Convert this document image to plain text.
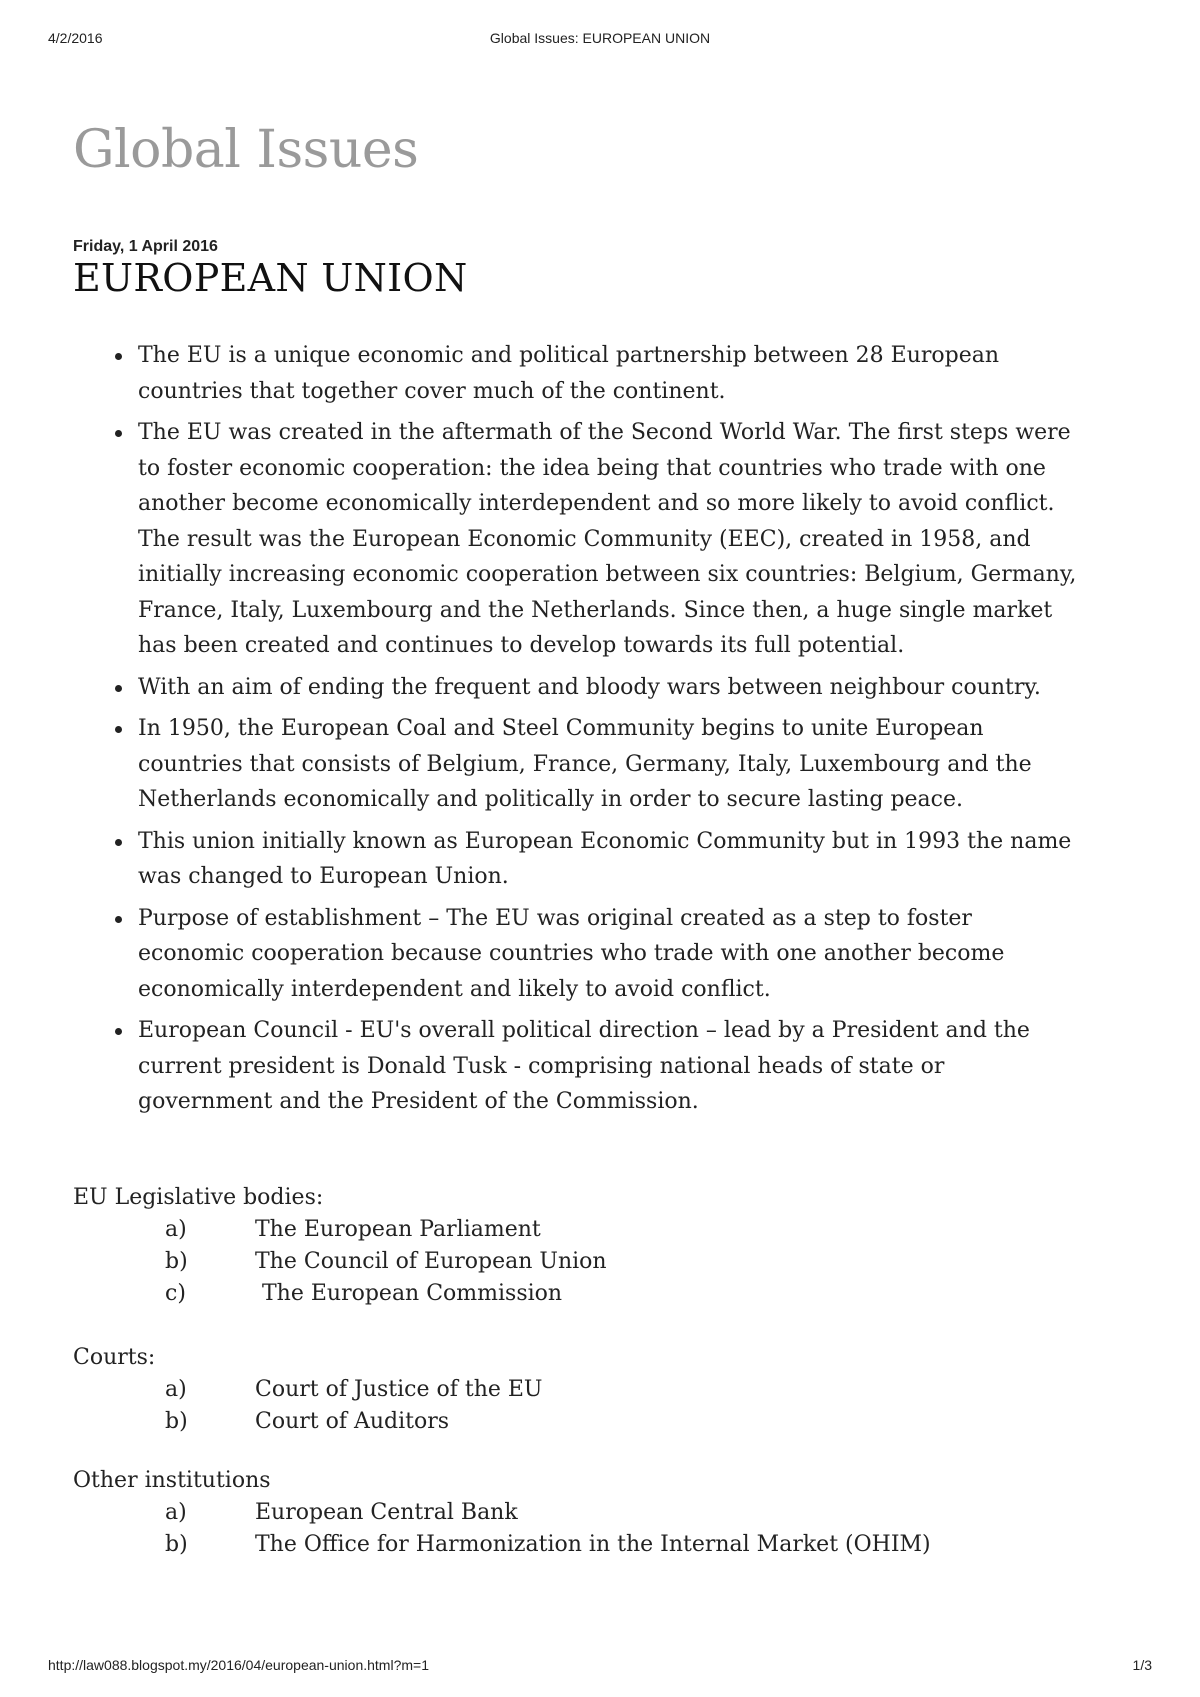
4/2/2016	Global Issues: EUROPEAN UNION
Global Issues
Friday, 1 April 2016
EUROPEAN UNION
The EU is a unique economic and political partnership between 28 European countries that together cover much of the continent.
The EU was created in the aftermath of the Second World War. The first steps were to foster economic cooperation: the idea being that countries who trade with one another become economically interdependent and so more likely to avoid conflict. The result was the European Economic Community (EEC), created in 1958, and initially increasing economic cooperation between six countries: Belgium, Germany, France, Italy, Luxembourg and the Netherlands. Since then, a huge single market has been created and continues to develop towards its full potential.
With an aim of ending the frequent and bloody wars between neighbour country.
In 1950, the European Coal and Steel Community begins to unite European countries that consists of Belgium, France, Germany, Italy, Luxembourg and the Netherlands economically and politically in order to secure lasting peace.
This union initially known as European Economic Community but in 1993 the name was changed to European Union.
Purpose of establishment – The EU was original created as a step to foster economic cooperation because countries who trade with one another become economically interdependent and likely to avoid conflict.
European Council - EU's overall political direction – lead by a President and the current president is Donald Tusk - comprising national heads of state or government and the President of the Commission.
EU Legislative bodies:
a)	The European Parliament
b)	The Council of European Union
c)	The European Commission
Courts:
a)	Court of Justice of the EU
b)	Court of Auditors
Other institutions
a)	European Central Bank
b)	The Office for Harmonization in the Internal Market (OHIM)
http://law088.blogspot.my/2016/04/european-union.html?m=1	1/3
